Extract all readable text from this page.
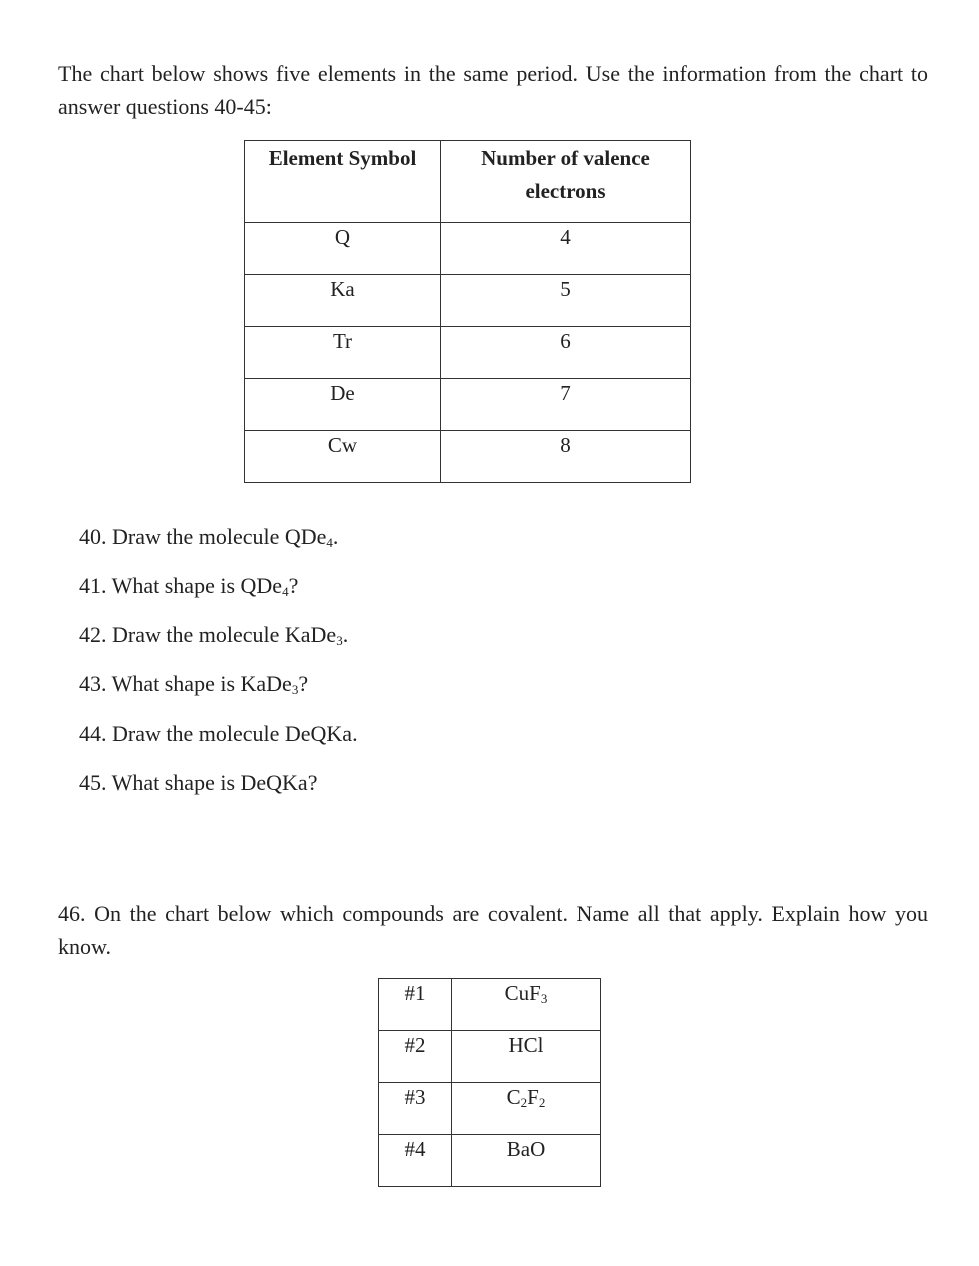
The chart below shows five elements in the same period. Use the information from the chart to answer questions 40-45:
Element Symbol	Number of valence electrons
Q	4
Ka	5
Tr	6
De	7
Cw	8
40. Draw the molecule QDe$_4$.
41. What shape is QDe$_4$?
42. Draw the molecule KaDe$_3$.
43. What shape is KaDe$_3$?
44. Draw the molecule DeQKa.
45. What shape is DeQKa?
46. On the chart below which compounds are covalent. Name all that apply. Explain how you know.
#1	CuF$_3$
#2	HCl
#3	$C_2F_2$
#4	BaO
